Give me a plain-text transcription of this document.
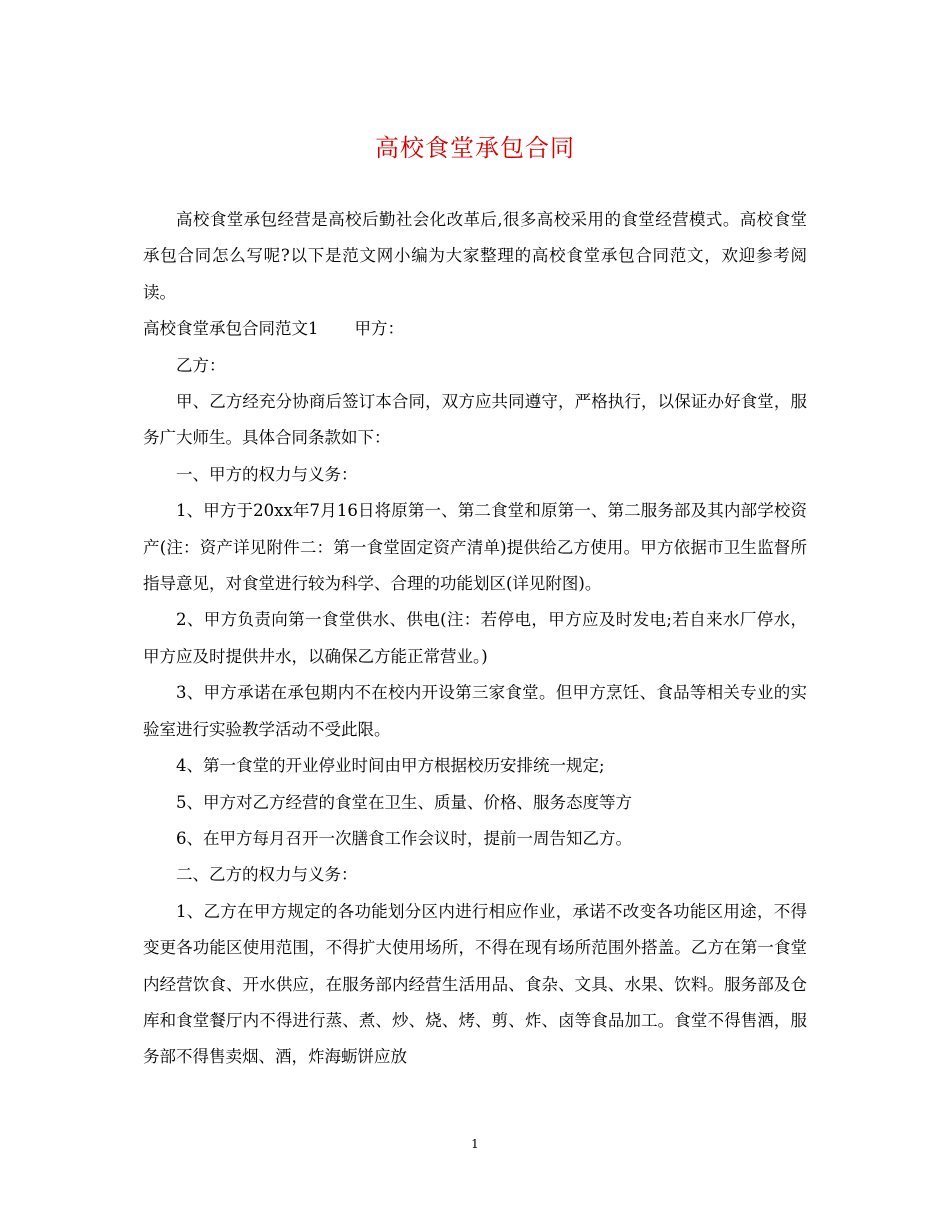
高校食堂承包合同

高校食堂承包经营是高校后勤社会化改革后,很多高校采用的食堂经营模式。高校食堂承包合同怎么写呢?以下是范文网小编为大家整理的高校食堂承包合同范文，欢迎参考阅读。

高校食堂承包合同范文1 甲方：

乙方：

甲、乙方经充分协商后签订本合同，双方应共同遵守，严格执行，以保证办好食堂，服务广大师生。具体合同条款如下：

一、甲方的权力与义务：

1、甲方于20xx年7月16日将原第一、第二食堂和原第一、第二服务部及其内部学校资产(注：资产详见附件二：第一食堂固定资产清单)提供给乙方使用。甲方依据市卫生监督所指导意见，对食堂进行较为科学、合理的功能划区(详见附图)。

2、甲方负责向第一食堂供水、供电(注：若停电，甲方应及时发电;若自来水厂停水，甲方应及时提供井水，以确保乙方能正常营业。)

3、甲方承诺在承包期内不在校内开设第三家食堂。但甲方烹饪、食品等相关专业的实验室进行实验教学活动不受此限。

4、第一食堂的开业停业时间由甲方根据校历安排统一规定;

5、甲方对乙方经营的食堂在卫生、质量、价格、服务态度等方

6、在甲方每月召开一次膳食工作会议时，提前一周告知乙方。

二、乙方的权力与义务：

1、乙方在甲方规定的各功能划分区内进行相应作业，承诺不改变各功能区用途，不得变更各功能区使用范围，不得扩大使用场所，不得在现有场所范围外搭盖。乙方在第一食堂内经营饮食、开水供应，在服务部内经营生活用品、食杂、文具、水果、饮料。服务部及仓库和食堂餐厅内不得进行蒸、煮、炒、烧、烤、剪、炸、卤等食品加工。食堂不得售酒，服务部不得售卖烟、酒，炸海蛎饼应放

1
